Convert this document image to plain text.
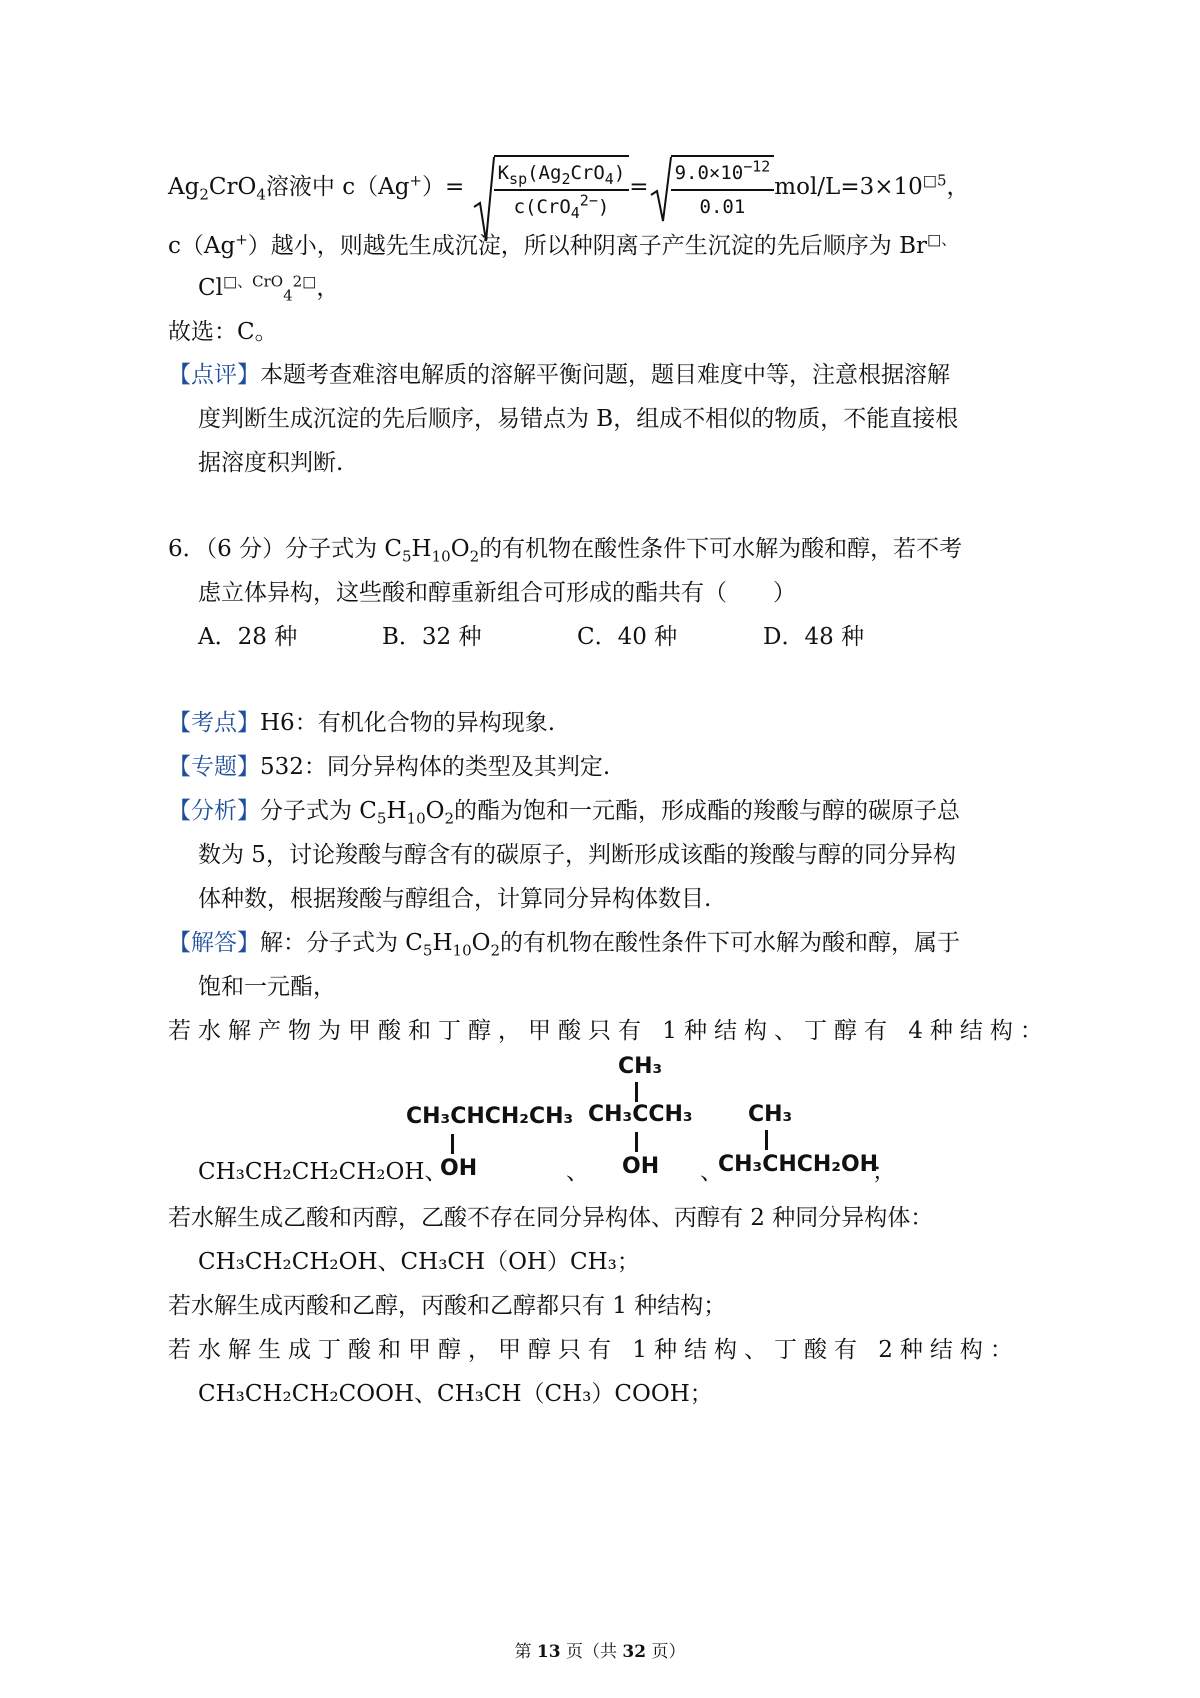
$Ag_2CrO_4$溶液中 $c(Ag^+)= \frac{K_{sp}(Ag_2CrO_4)}{c(CrO_4^{2-})} = \frac{9.0\times 10^{-12}}{0.01} mol/L=3\times 10^{□5}$，
c（Ag+）越小，则越先生成沉淀，所以种阴离子产生沉淀的先后顺序为 Br□、
$Cl^{□、CrO}_4^{2□}$，
故选：C。
【点评】本题考查难溶电解质的溶解平衡问题，题目难度中等，注意根据溶解
度判断生成沉淀的先后顺序，易错点为 B，组成不相似的物质，不能直接根
据溶度积判断.
6．（6 分）分子式为 $C_5H_{10}O_2$的有机物在酸性条件下可水解为酸和醇，若不考
虑立体异构，这些酸和醇重新组合可形成的酯共有（　　）
A．28 种	B．32 种	C．40 种	D．48 种
【考点】H6：有机化合物的异构现象.
【专题】532：同分异构体的类型及其判定.
【分析】分子式为 $C_5H_{10}O_2$的酯为饱和一元酯，形成酯的羧酸与醇的碳原子总
数为 5，讨论羧酸与醇含有的碳原子，判断形成该酯的羧酸与醇的同分异构
体种数，根据羧酸与醇组合，计算同分异构体数目.
【解答】解：分子式为 $C_5H_{10}O_2$的有机物在酸性条件下可水解为酸和醇，属于
饱和一元酯，
若水解产物为甲酸和丁醇，甲酸只有 1种结构、丁醇有 4种结构：
CH₃CH₂CH₂CH₂OH、
CH₃CHCH₂CH₃
OH	、
CH₃
CH₃CCH₃
OH 、
CH₃
CH₃CHCH₂OH
；
若水解生成乙酸和丙醇，乙酸不存在同分异构体、丙醇有 2 种同分异构体：
CH₃CH₂CH₂OH、CH₃CH（OH）CH₃；
若水解生成丙酸和乙醇，丙酸和乙醇都只有 1 种结构；
若水解生成丁酸和甲醇，甲醇只有 1种结构、丁酸有 2种结构：
CH₃CH₂CH₂COOH、CH₃CH（CH₃）COOH；
第 13 页（共 32 页）
